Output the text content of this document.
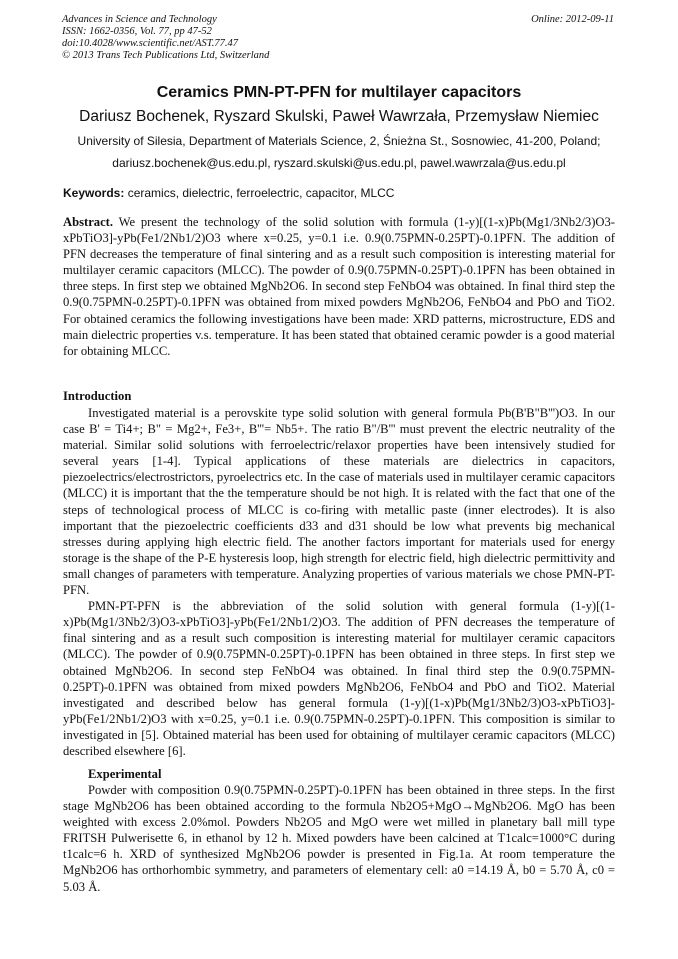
Advances in Science and Technology
ISSN: 1662-0356, Vol. 77, pp 47-52
doi:10.4028/www.scientific.net/AST.77.47
© 2013 Trans Tech Publications Ltd, Switzerland
Online: 2012-09-11
Ceramics PMN-PT-PFN for multilayer capacitors
Dariusz Bochenek, Ryszard Skulski, Paweł Wawrzała, Przemysław Niemiec
University of Silesia, Department of Materials Science, 2, Śnieżna St., Sosnowiec, 41-200, Poland;
dariusz.bochenek@us.edu.pl, ryszard.skulski@us.edu.pl, pawel.wawrzala@us.edu.pl
Keywords: ceramics, dielectric, ferroelectric, capacitor, MLCC
Abstract. We present the technology of the solid solution with formula (1-y)[(1-x)Pb(Mg1/3Nb2/3)O3-xPbTiO3]-yPb(Fe1/2Nb1/2)O3 where x=0.25, y=0.1 i.e. 0.9(0.75PMN-0.25PT)-0.1PFN. The addition of PFN decreases the temperature of final sintering and as a result such composition is interesting material for multilayer ceramic capacitors (MLCC). The powder of 0.9(0.75PMN-0.25PT)-0.1PFN has been obtained in three steps. In first step we obtained MgNb2O6. In second step FeNbO4 was obtained. In final third step the 0.9(0.75PMN-0.25PT)-0.1PFN was obtained from mixed powders MgNb2O6, FeNbO4 and PbO and TiO2. For obtained ceramics the following investigations have been made: XRD patterns, microstructure, EDS and main dielectric properties v.s. temperature. It has been stated that obtained ceramic powder is a good material for obtaining MLCC.
Introduction

Investigated material is a perovskite type solid solution with general formula Pb(B'B"B''')O3. In our case B' = Ti4+; B" = Mg2+, Fe3+, B'''= Nb5+. The ratio B"/B''' must prevent the electric neutrality of the material. Similar solid solutions with ferroelectric/relaxor properties have been intensively studied for several years [1-4]. Typical applications of these materials are dielectrics in capacitors, piezoelectrics/electrostrictors, pyroelectrics etc. In the case of materials used in multilayer ceramic capacitors (MLCC) it is important that the the temperature should be not high. It is related with the fact that one of the steps of technological process of MLCC is co-firing with metallic paste (inner electrodes). It is also important that the piezoelectric coefficients d33 and d31 should be low what prevents big mechanical stresses during applying high electric field. The another factors important for materials used for energy storage is the shape of the P-E hysteresis loop, high strength for electric field, high dielectric permittivity and small changes of parameters with temperature. Analyzing properties of various materials we chose PMN-PT-PFN.

PMN-PT-PFN is the abbreviation of the solid solution with general formula (1-y)[(1-x)Pb(Mg1/3Nb2/3)O3-xPbTiO3]-yPb(Fe1/2Nb1/2)O3. The addition of PFN decreases the temperature of final sintering and as a result such composition is interesting material for multilayer ceramic capacitors (MLCC). The powder of 0.9(0.75PMN-0.25PT)-0.1PFN has been obtained in three steps. In first step we obtained MgNb2O6. In second step FeNbO4 was obtained. In final third step the 0.9(0.75PMN-0.25PT)-0.1PFN was obtained from mixed powders MgNb2O6, FeNbO4 and PbO and TiO2. Material investigated and described below has general formula (1-y)[(1-x)Pb(Mg1/3Nb2/3)O3-xPbTiO3]-yPb(Fe1/2Nb1/2)O3 with x=0.25, y=0.1 i.e. 0.9(0.75PMN-0.25PT)-0.1PFN. This composition is similar to investigated in [5]. Obtained material has been used for obtaining of multilayer ceramic capacitors (MLCC) described elsewhere [6].

Experimental

Powder with composition 0.9(0.75PMN-0.25PT)-0.1PFN has been obtained in three steps. In the first stage MgNb2O6 has been obtained according to the formula Nb2O5+MgO→MgNb2O6. MgO has been weighted with excess 2.0%mol. Powders Nb2O5 and MgO were wet milled in planetary ball mill type FRITSH Pulwerisette 6, in ethanol by 12 h. Mixed powders have been calcined at T1calc=1000°C during t1calc=6 h. XRD of synthesized MgNb2O6 powder is presented in Fig.1a. At room temperature the MgNb2O6 has orthorhombic symmetry, and parameters of elementary cell: a0 =14.19 Å, b0 = 5.70 Å, c0 = 5.03 Å.
